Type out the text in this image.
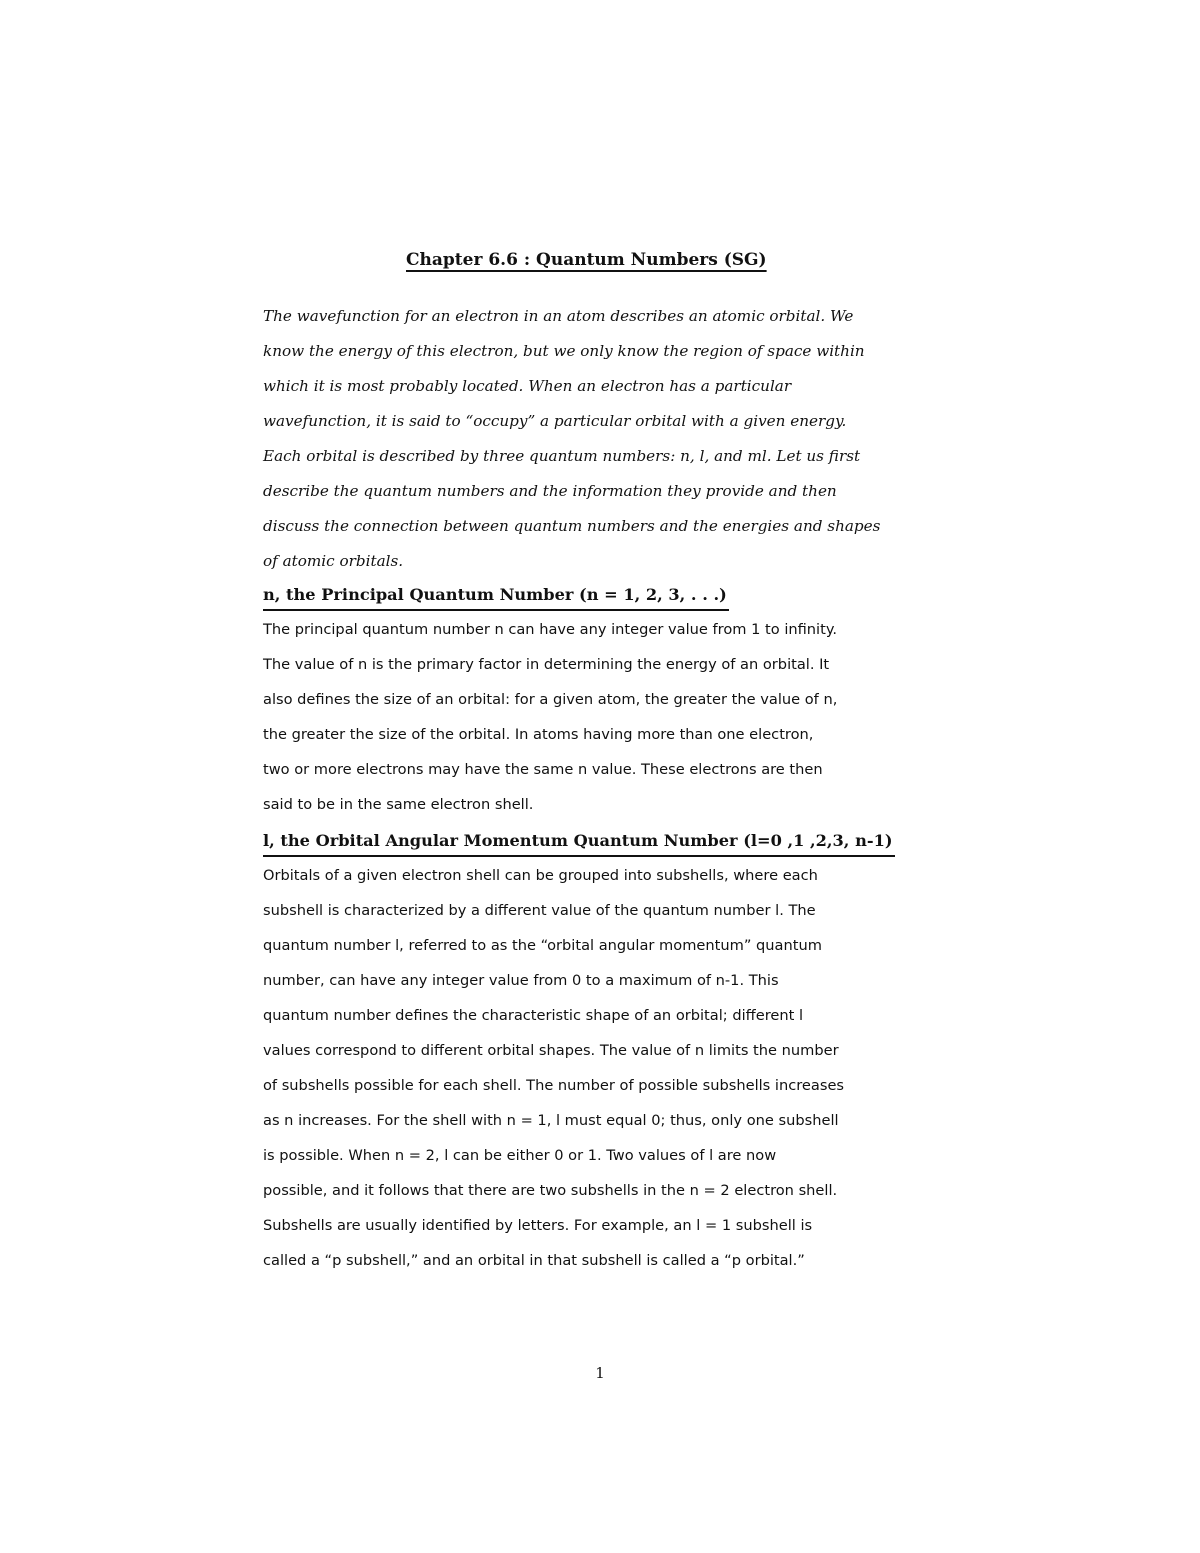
Chapter 6.6 : Quantum Numbers (SG)
The wavefunction for an electron in an atom describes an atomic orbital. We
know the energy of this electron, but we only know the region of space within
which it is most probably located. When an electron has a particular
wavefunction, it is said to “occupy” a particular orbital with a given energy.
Each orbital is described by three quantum numbers: n, l, and ml. Let us first
describe the quantum numbers and the information they provide and then
discuss the connection between quantum numbers and the energies and shapes
of atomic orbitals.
n, the Principal Quantum Number (n = 1, 2, 3, . . .)
The principal quantum number n can have any integer value from 1 to infinity.
The value of n is the primary factor in determining the energy of an orbital. It
also defines the size of an orbital: for a given atom, the greater the value of n,
the greater the size of the orbital. In atoms having more than one electron,
two or more electrons may have the same n value. These electrons are then
said to be in the same electron shell.
l, the Orbital Angular Momentum Quantum Number (l=0 ,1 ,2,3, n-1)
Orbitals of a given electron shell can be grouped into subshells, where each
subshell is characterized by a different value of the quantum number l. The
quantum number l, referred to as the “orbital angular momentum” quantum
number, can have any integer value from 0 to a maximum of n-1. This
quantum number defines the characteristic shape of an orbital; different l
values correspond to different orbital shapes. The value of n limits the number
of subshells possible for each shell. The number of possible subshells increases
as n increases. For the shell with n = 1, l must equal 0; thus, only one subshell
is possible. When n = 2, l can be either 0 or 1. Two values of l are now
possible, and it follows that there are two subshells in the n = 2 electron shell.
Subshells are usually identified by letters. For example, an l = 1 subshell is
called a “p subshell,” and an orbital in that subshell is called a “p orbital.”
1
